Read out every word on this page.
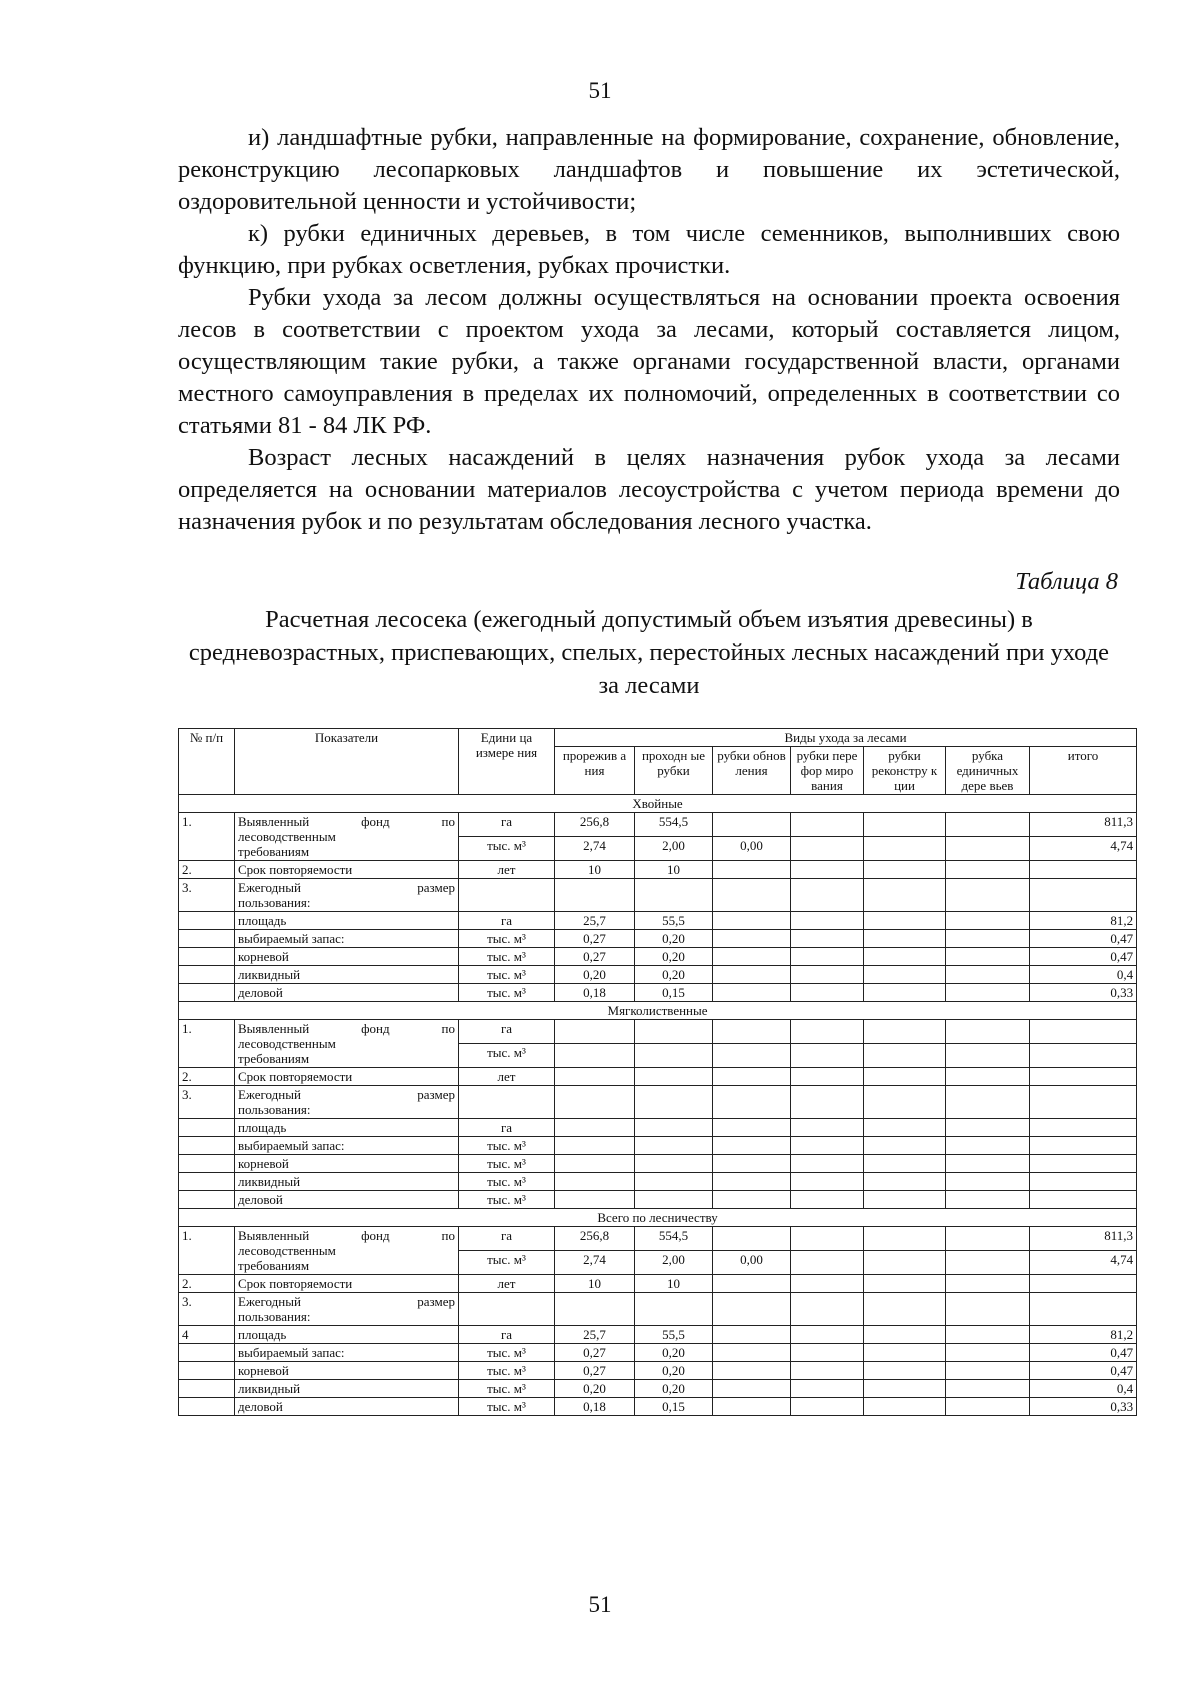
51

и) ландшафтные рубки, направленные на формирование, сохранение, обновление, реконструкцию лесопарковых ландшафтов и повышение их эстетической, оздоровительной ценности и устойчивости;

к) рубки единичных деревьев, в том числе семенников, выполнивших свою функцию, при рубках осветления, рубках прочистки.

Рубки ухода за лесом должны осуществляться на основании проекта освоения лесов в соответствии с проектом ухода за лесами, который составляется лицом, осуществляющим такие рубки, а также органами государственной власти, органами местного самоуправления в пределах их полномочий, определенных в соответствии со статьями 81 - 84 ЛК РФ.

Возраст лесных насаждений в целях назначения рубок ухода за лесами определяется на основании материалов лесоустройства с учетом периода времени до назначения рубок и по результатам обследования лесного участка.

Таблица 8
Расчетная лесосека (ежегодный допустимый объем изъятия древесины) в средневозрастных, приспевающих, спелых, перестойных лесных насаждений при уходе за лесами
№ п/п	Показатели	Едини ца измере ния	Виды ухода за лесами						
			прорежив а ния	проходн ые рубки	рубки обнов ления	рубки пере фор миро вания	рубки реконстру к ции	рубка единичных дере вьев	итого
Хвойные									
1.	Выявленный фонд по
лесоводственным
требованиям	га	256,8	554,5					811,3
		тыс. м³	2,74	2,00	0,00				4,74
2.	Срок повторяемости	лет	10	10					
3.	Ежегодный размер
пользования:								

	площадь	га	25,7	55,5					81,2
	выбираемый запас:	тыс. м³	0,27	0,20					0,47
	корневой	тыс. м³	0,27	0,20					0,47
	ликвидный	тыс. м³	0,20	0,20					0,4
	деловой	тыс. м³	0,18	0,15					0,33
Мягколиственные									
1.	Выявленный фонд по
лесоводственным
требованиям	га							
		тыс. м³							
2.	Срок повторяемости	лет							
3.	Ежегодный размер
пользования:								

	площадь	га							
	выбираемый запас:	тыс. м³							
	корневой	тыс. м³							
	ликвидный	тыс. м³							
	деловой	тыс. м³							
Всего по лесничеству									
1.	Выявленный фонд по
лесоводственным
требованиям	га	256,8	554,5					811,3
		тыс. м³	2,74	2,00	0,00				4,74
2.	Срок повторяемости	лет	10	10					
3.	Ежегодный размер
пользования:								

4	площадь	га	25,7	55,5					81,2
	выбираемый запас:	тыс. м³	0,27	0,20					0,47
	корневой	тыс. м³	0,27	0,20					0,47
	ликвидный	тыс. м³	0,20	0,20					0,4
	деловой	тыс. м³	0,18	0,15					0,33
51
